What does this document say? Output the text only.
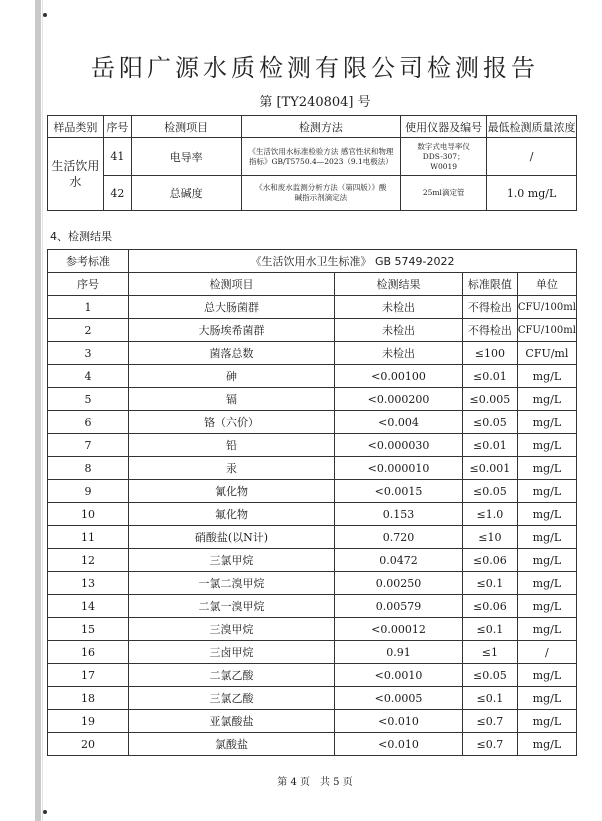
岳阳广源水质检测有限公司检测报告
第 [TY240804] 号
样品类别	序号	检测项目	检测方法	使用仪器及编号	最低检测质量浓度
生活饮用水	41	电导率	《生活饮用水标准检验方法 感官性状和物理指标》GB/T5750.4—2023（9.1电极法）	数字式电导率仪 DDS-307； W0019	/
	42	总碱度	《水和废水监测分析方法（第四版）》酸碱指示剂滴定法	25ml滴定管	1.0 mg/L
4、检测结果
参考标准	《生活饮用水卫生标准》 GB 5749-2022			
序号	检测项目	检测结果	标准限值	单位
1	总大肠菌群	未检出	不得检出	CFU/100ml
2	大肠埃希菌群	未检出	不得检出	CFU/100ml
3	菌落总数	未检出	≤100	CFU/ml
4	砷	<0.00100	≤0.01	mg/L
5	镉	<0.000200	≤0.005	mg/L
6	铬（六价）	<0.004	≤0.05	mg/L
7	铅	<0.000030	≤0.01	mg/L
8	汞	<0.000010	≤0.001	mg/L
9	氰化物	<0.0015	≤0.05	mg/L
10	氟化物	0.153	≤1.0	mg/L
11	硝酸盐(以N计)	0.720	≤10	mg/L
12	三氯甲烷	0.0472	≤0.06	mg/L
13	一氯二溴甲烷	0.00250	≤0.1	mg/L
14	二氯一溴甲烷	0.00579	≤0.06	mg/L
15	三溴甲烷	<0.00012	≤0.1	mg/L
16	三卤甲烷	0.91	≤1	/
17	二氯乙酸	<0.0010	≤0.05	mg/L
18	三氯乙酸	<0.0005	≤0.1	mg/L
19	亚氯酸盐	<0.010	≤0.7	mg/L
20	氯酸盐	<0.010	≤0.7	mg/L
第 4 页　共 5 页
